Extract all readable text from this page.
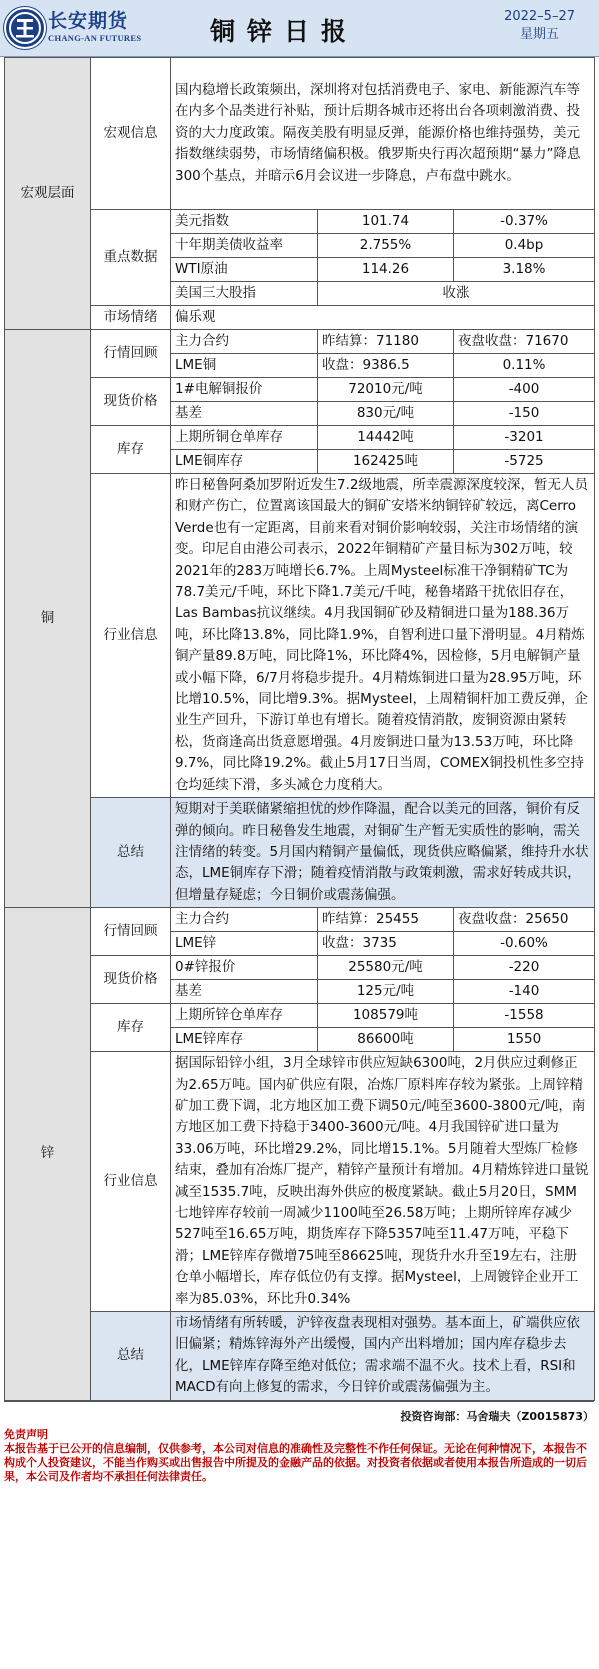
长安期货
CHANG-AN FUTURES	铜锌日报
2022–5–27
星期五
宏观层面	宏观信息	国内稳增长政策频出，深圳将对包括消费电子、家电、新能源汽车等在内多个品类进行补贴，预计后期各城市还将出台各项刺激消费、投资的大力度政策。隔夜美股有明显反弹，能源价格也维持强势，美元指数继续弱势，市场情绪偏积极。俄罗斯央行再次超预期“暴力”降息300个基点，并暗示6月会议进一步降息，卢布盘中跳水。		
	重点数据	美元指数	101.74	-0.37%
		十年期美债收益率	2.755%	0.4bp
		WTI原油	114.26	3.18%
		美国三大股指	收涨	
	市场情绪	偏乐观		
铜	行情回顾	主力合约	昨结算：71180	夜盘收盘：71670
		LME铜	收盘：9386.5	0.11%
	现货价格	1#电解铜报价	72010元/吨	-400
		基差	830元/吨	-150
	库存	上期所铜仓单库存	14442吨	-3201
		LME铜库存	162425吨	-5725
	行业信息	昨日秘鲁阿桑加罗附近发生7.2级地震，所幸震源深度较深，暂无人员和财产伤亡，位置离该国最大的铜矿安塔米纳铜锌矿较远，离Cerro Verde也有一定距离，目前来看对铜价影响较弱，关注市场情绪的演变。印尼自由港公司表示，2022年铜精矿产量目标为302万吨，较2021年的283万吨增长6.7%。上周Mysteel标准干净铜精矿TC为78.7美元/千吨，环比下降1.7美元/千吨，秘鲁堵路干扰依旧存在，Las Bambas抗议继续。4月我国铜矿砂及精铜进口量为188.36万吨，环比降13.8%，同比降1.9%，自智利进口量下滑明显。4月精炼铜产量89.8万吨，同比降1%，环比降4%，因检修，5月电解铜产量或小幅下降，6/7月将稳步提升。4月精炼铜进口量为28.95万吨，环比增10.5%，同比增9.3%。据Mysteel，上周精铜杆加工费反弹，企业生产回升，下游订单也有增长。随着疫情消散，废铜资源由紧转松，货商逢高出货意愿增强。4月废铜进口量为13.53万吨，环比降9.7%，同比降19.2%。截止5月17日当周，COMEX铜投机性多空持仓均延续下滑，多头减仓力度稍大。		
	总结	短期对于美联储紧缩担忧的炒作降温，配合以美元的回落，铜价有反弹的倾向。昨日秘鲁发生地震，对铜矿生产暂无实质性的影响，需关注情绪的转变。5月国内精铜产量偏低，现货供应略偏紧，维持升水状态，LME铜库存下滑；随着疫情消散与政策刺激，需求好转成共识，但增量存疑虑；今日铜价或震荡偏强。		
锌	行情回顾	主力合约	昨结算：25455	夜盘收盘：25650
		LME锌	收盘：3735	-0.60%
	现货价格	0#锌报价	25580元/吨	-220
		基差	125元/吨	-140
	库存	上期所锌仓单库存	108579吨	-1558
		LME锌库存	86600吨	1550
	行业信息	据国际铅锌小组，3月全球锌市供应短缺6300吨，2月供应过剩修正为2.65万吨。国内矿供应有限，冶炼厂原料库存较为紧张。上周锌精矿加工费下调，北方地区加工费下调50元/吨至3600-3800元/吨，南方地区加工费下持稳于3400-3600元/吨。4月我国锌矿进口量为33.06万吨，环比增29.2%，同比增15.1%。5月随着大型炼厂检修结束，叠加有冶炼厂提产，精锌产量预计有增加。4月精炼锌进口量锐减至1535.7吨，反映出海外供应的极度紧缺。截止5月20日，SMM七地锌库存较前一周减少1100吨至26.58万吨；上期所锌库存减少527吨至16.65万吨，期货库存下降5357吨至11.47万吨，平稳下滑；LME锌库存微增75吨至86625吨，现货升水升至19左右，注册仓单小幅增长，库存低位仍有支撑。据Mysteel，上周镀锌企业开工率为85.03%，环比升0.34%		
	总结	市场情绪有所转暖，沪锌夜盘表现相对强势。基本面上，矿端供应依旧偏紧；精炼锌海外产出缓慢，国内产出料增加；国内库存稳步去化，LME锌库存降至绝对低位；需求端不温不火。技术上看，RSI和MACD有向上修复的需求，今日锌价或震荡偏强为主。		
投资咨询部：马舍瑞夫（Z0015873）
免责声明
本报告基于已公开的信息编制，仅供参考，本公司对信息的准确性及完整性不作任何保证。无论在何种情况下，本报告不构成个人投资建议，不能当作购买或出售报告中所提及的金融产品的依据。对投资者依据或者使用本报告所造成的一切后果，本公司及作者均不承担任何法律责任。
